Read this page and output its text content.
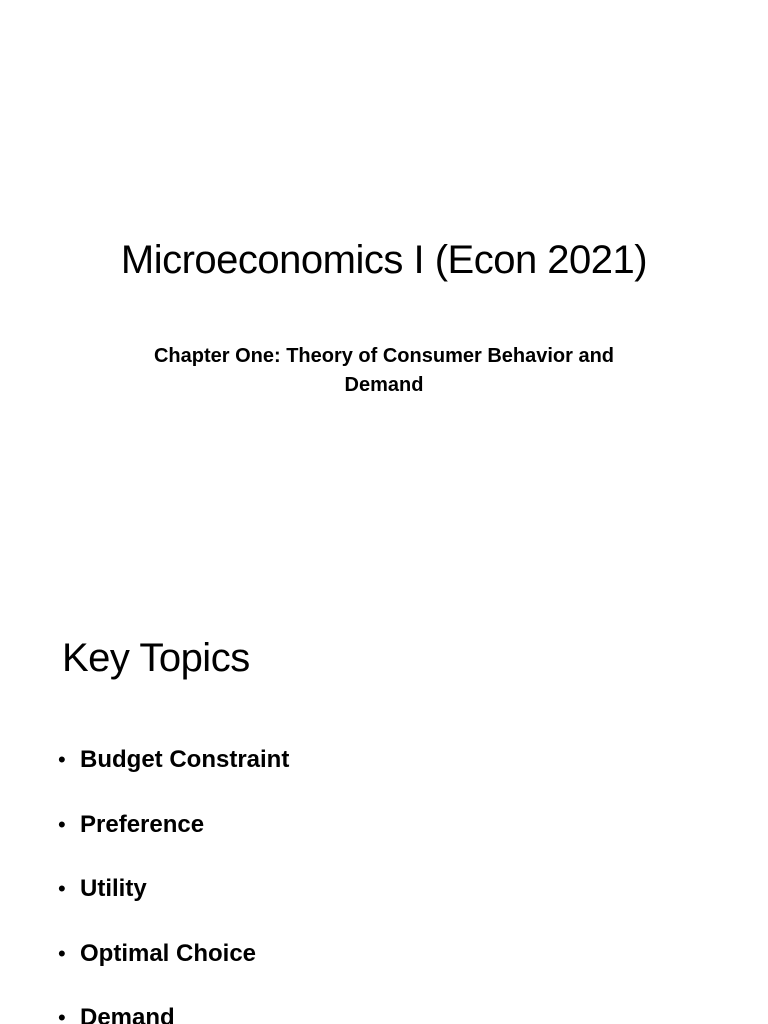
Microeconomics I (Econ 2021)

Chapter One: Theory of Consumer Behavior and
Demand

Key Topics
• Budget Constraint
• Preference
• Utility
• Optimal Choice
• Demand
